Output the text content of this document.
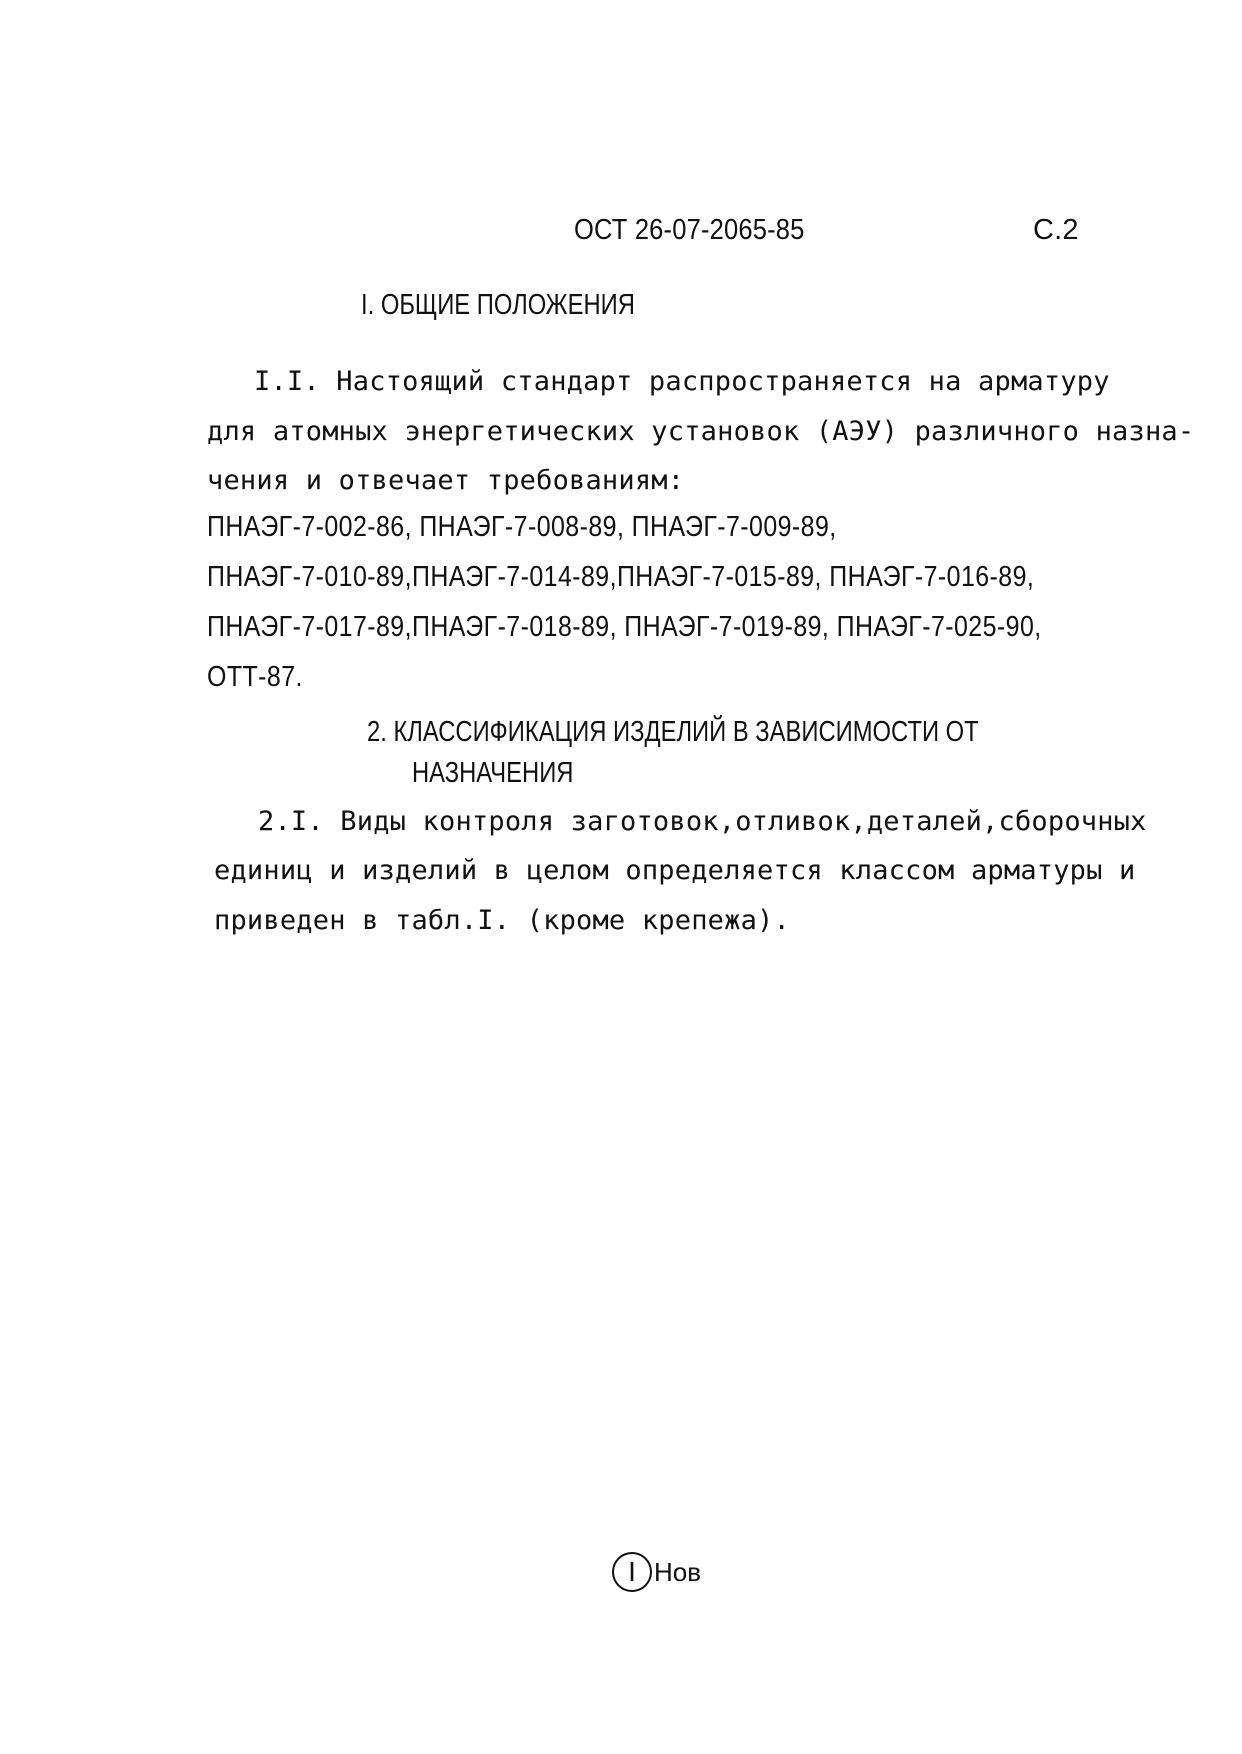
ОСТ 26-07-2065-85	С.2
I. ОБЩИЕ ПОЛОЖЕНИЯ
I.I. Настоящий стандарт распространяется на арматуру
для атомных энергетических установок (АЭУ) различного назна-
чения и отвечает требованиям:
ПНАЭГ-7-002-86, ПНАЭГ-7-008-89, ПНАЭГ-7-009-89,
ПНАЭГ-7-010-89,ПНАЭГ-7-014-89,ПНАЭГ-7-015-89, ПНАЭГ-7-016-89,
ПНАЭГ-7-017-89,ПНАЭГ-7-018-89, ПНАЭГ-7-019-89, ПНАЭГ-7-025-90,
ОТТ-87.
2. КЛАССИФИКАЦИЯ ИЗДЕЛИЙ В ЗАВИСИМОСТИ ОТ
НАЗНАЧЕНИЯ
2.I. Виды контроля заготовок,отливок,деталей,сборочных
единиц и изделий в целом определяется классом арматуры и
приведен в табл.I. (кроме крепежа).
I Нов
